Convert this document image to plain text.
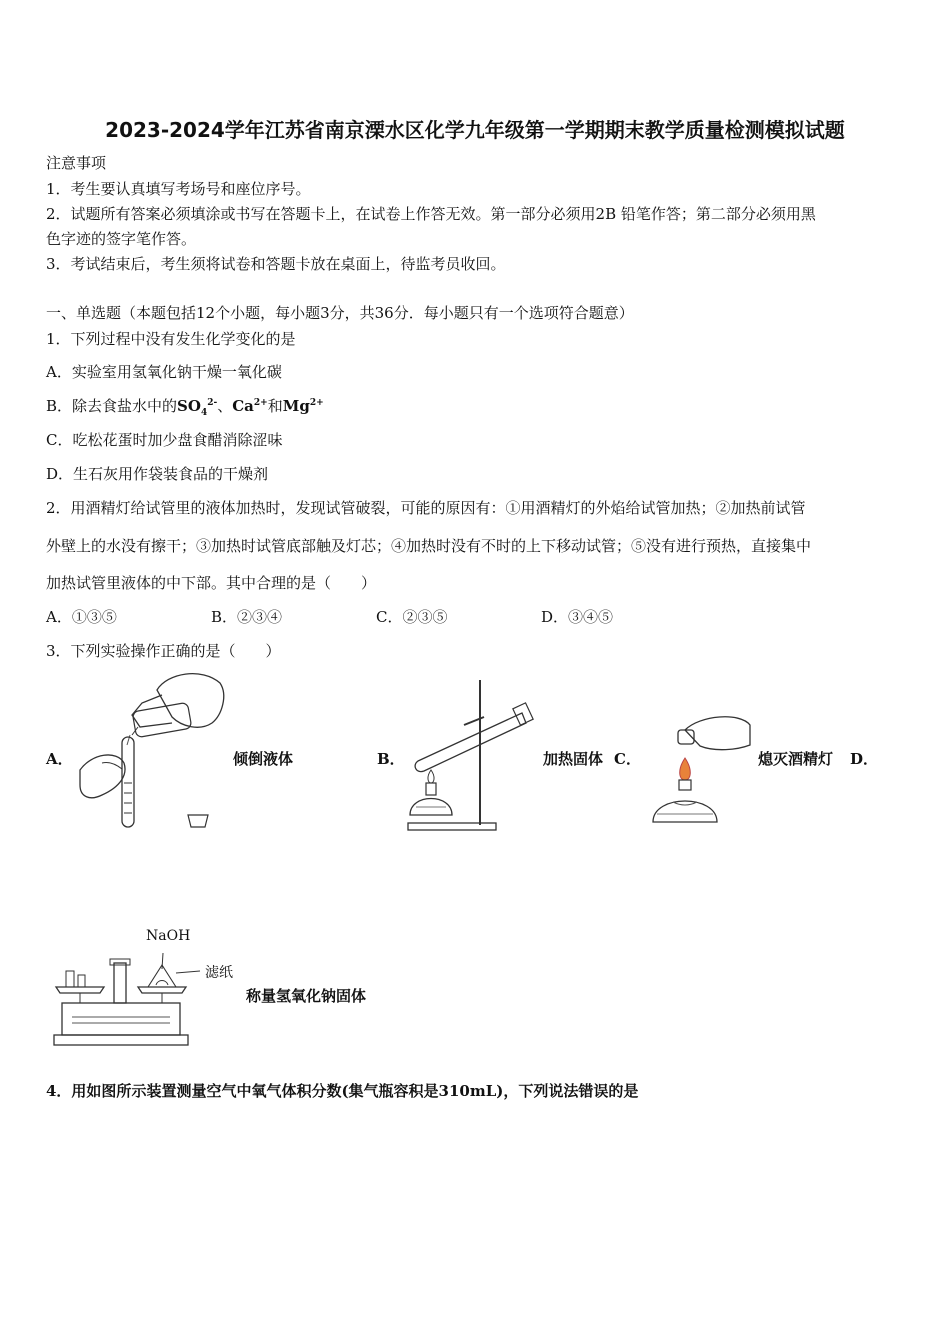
2023-2024学年江苏省南京溧水区化学九年级第一学期期末教学质量检测模拟试题
注意事项
1．考生要认真填写考场号和座位序号。
2．试题所有答案必须填涂或书写在答题卡上，在试卷上作答无效。第一部分必须用2B 铅笔作答；第二部分必须用黑
色字迹的签字笔作答。
3．考试结束后，考生须将试卷和答题卡放在桌面上，待监考员收回。
一、单选题（本题包括12个小题，每小题3分，共36分．每小题只有一个选项符合题意）
1．下列过程中没有发生化学变化的是
A．实验室用氢氧化钠干燥一氧化碳
B．除去食盐水中的$SO_4^{2-}$、$Ca^{2+}$和$Mg^{2+}$
C．吃松花蛋时加少盘食醋消除涩味
D．生石灰用作袋装食品的干燥剂
2．用酒精灯给试管里的液体加热时，发现试管破裂，可能的原因有：①用酒精灯的外焰给试管加热；②加热前试管
外壁上的水没有擦干；③加热时试管底部触及灯芯；④加热时没有不时的上下移动试管；⑤没有进行预热，直接集中
加热试管里液体的中下部。其中合理的是（　　）
A．①③⑤	B．②③④	C．②③⑤	D．③④⑤
3．下列实验操作正确的是（　　）
A．	倾倒液体	B．	加热固体 C．	熄灭酒精灯 D．
NaOH
滤纸
称量氢氧化钠固体
4．用如图所示装置测量空气中氧气体积分数(集气瓶容积是310mL)，下列说法错误的是
